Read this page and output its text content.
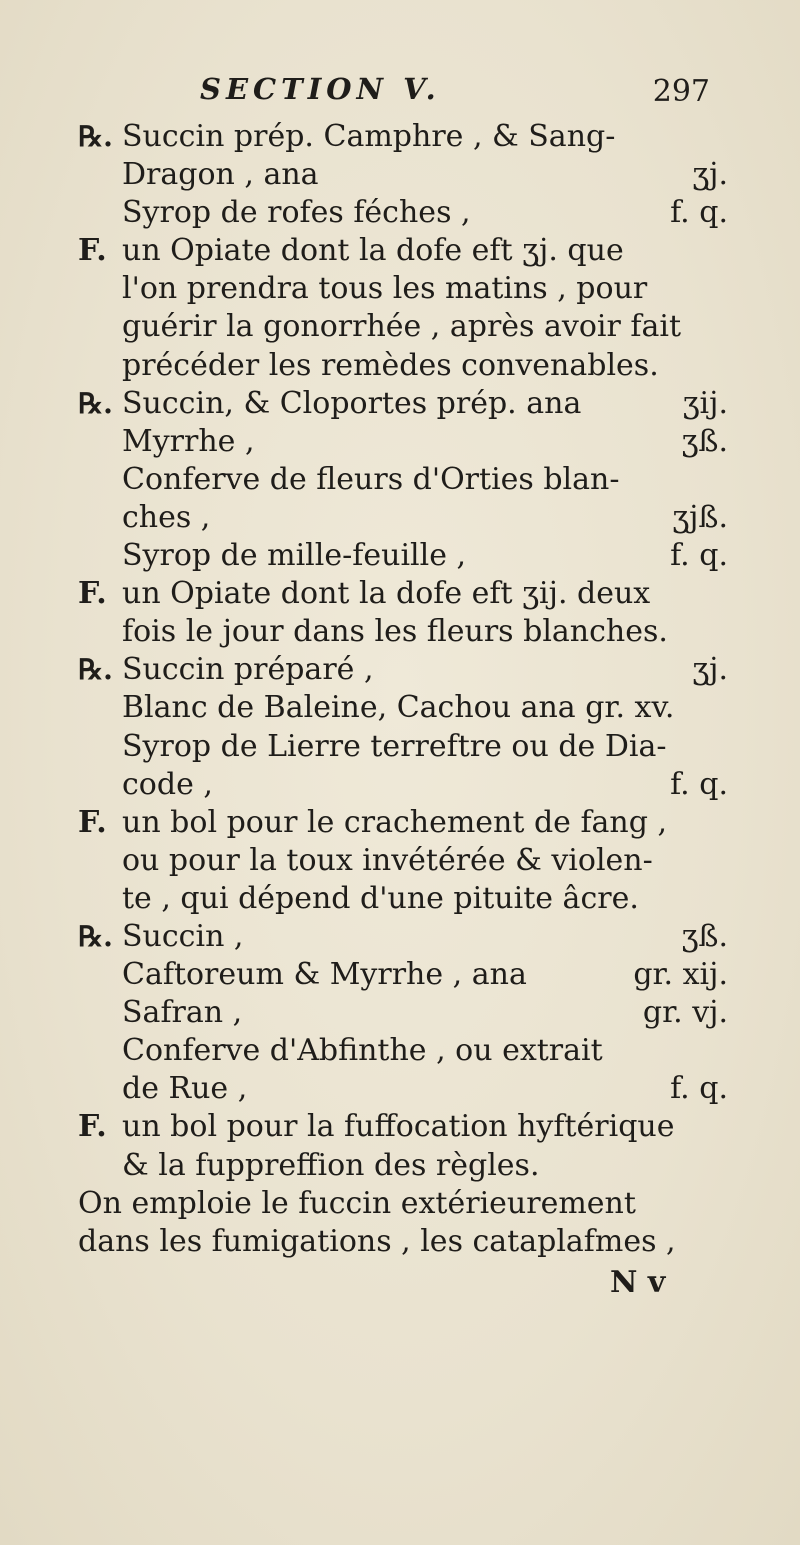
SECTION V.	297
℞. Succin prép. Camphre , & Sang-
Dragon , ana	ʒj.
Syrop de rofes féches ,	f. q.
F. un Opiate dont la dofe eft ʒj. que
l'on prendra tous les matins , pour
guérir la gonorrhée , après avoir fait
précéder les remèdes convenables.
℞. Succin, & Cloportes prép. ana	ʒij.
Myrrhe ,	ʒß.
Conferve de fleurs d'Orties blan-
ches ,	ʒjß.
Syrop de mille-feuille ,	f. q.
F. un Opiate dont la dofe eft ʒij. deux
fois le jour dans les fleurs blanches.
℞. Succin préparé ,	ʒj.
Blanc de Baleine, Cachou ana gr. xv.
Syrop de Lierre terreftre ou de Dia-
code ,	f. q.
F. un bol pour le crachement de fang ,
ou pour la toux invétérée & violen-
te , qui dépend d'une pituite âcre.
℞. Succin ,	ʒß.
Caftoreum & Myrrhe , ana	gr. xij.
Safran ,	gr. vj.
Conferve d'Abfinthe , ou extrait
de Rue ,	f. q.
F. un bol pour la fuffocation hyftérique
& la fuppreffion des règles.
On emploie le fuccin extérieurement
dans les fumigations , les cataplafmes ,
N v
